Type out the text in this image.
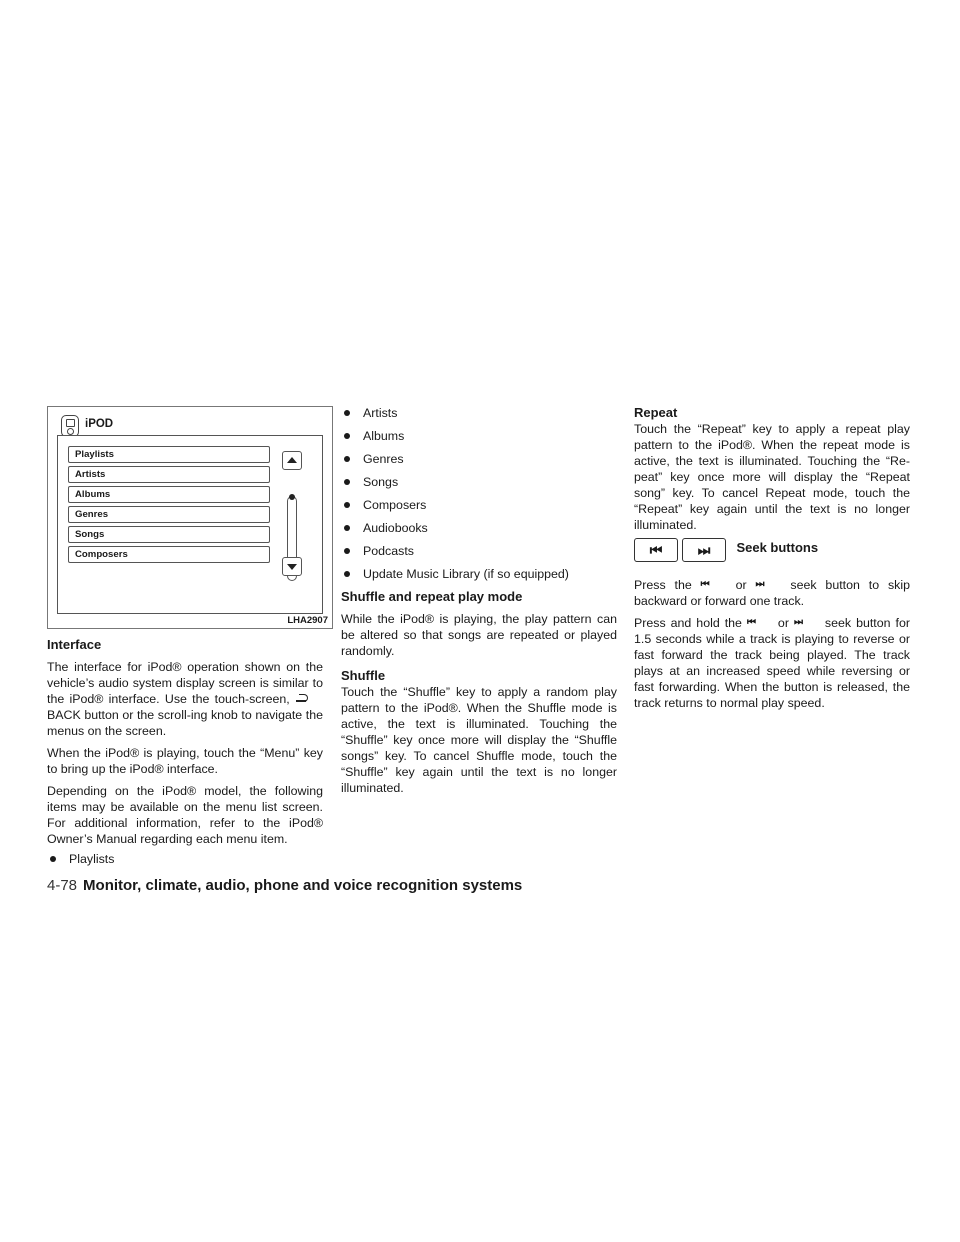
iPOD
Playlists
Artists
Albums
Genres
Songs
Composers
LHA2907
Interface

The interface for iPod® operation shown on the vehicle’s audio system display screen is similar to the iPod® interface. Use the touch-screen,  BACK button or the scroll-ing knob to navigate the menus on the screen.

When the iPod® is playing, touch the “Menu” key to bring up the iPod® interface.

Depending on the iPod® model, the following items may be available on the menu list screen. For additional information, refer to the iPod® Owner’s Manual regarding each menu item.

Playlists
Artists
Albums
Genres
Songs
Composers
Audiobooks
Podcasts
Update Music Library (if so equipped)
Shuffle and repeat play mode

While the iPod® is playing, the play pattern can be altered so that songs are repeated or played randomly.

Shuffle

Touch the “Shuffle” key to apply a random play pattern to the iPod®. When the Shuffle mode is active, the text is illuminated. Touching the “Shuffle” key once more will display the “Shuffle songs” key. To cancel Shuffle mode, touch the “Shuffle” key again until the text is no longer illuminated.

Repeat

Touch the “Repeat” key to apply a repeat play pattern to the iPod®. When the repeat mode is active, the text is illuminated. Touching the “Re-peat” key once more will display the “Repeat song” key. To cancel Repeat mode, touch the “Repeat” key again until the text is no longer illuminated.

⏮	⏭ Seek buttons

Press the ⏮ or ⏭ seek button to skip backward or forward one track.

Press and hold the ⏮ or ⏭ seek button for 1.5 seconds while a track is playing to reverse or fast forward the track being played. The track plays at an increased speed while reversing or fast forwarding. When the button is released, the track returns to normal play speed.

4-78 Monitor, climate, audio, phone and voice recognition systems
